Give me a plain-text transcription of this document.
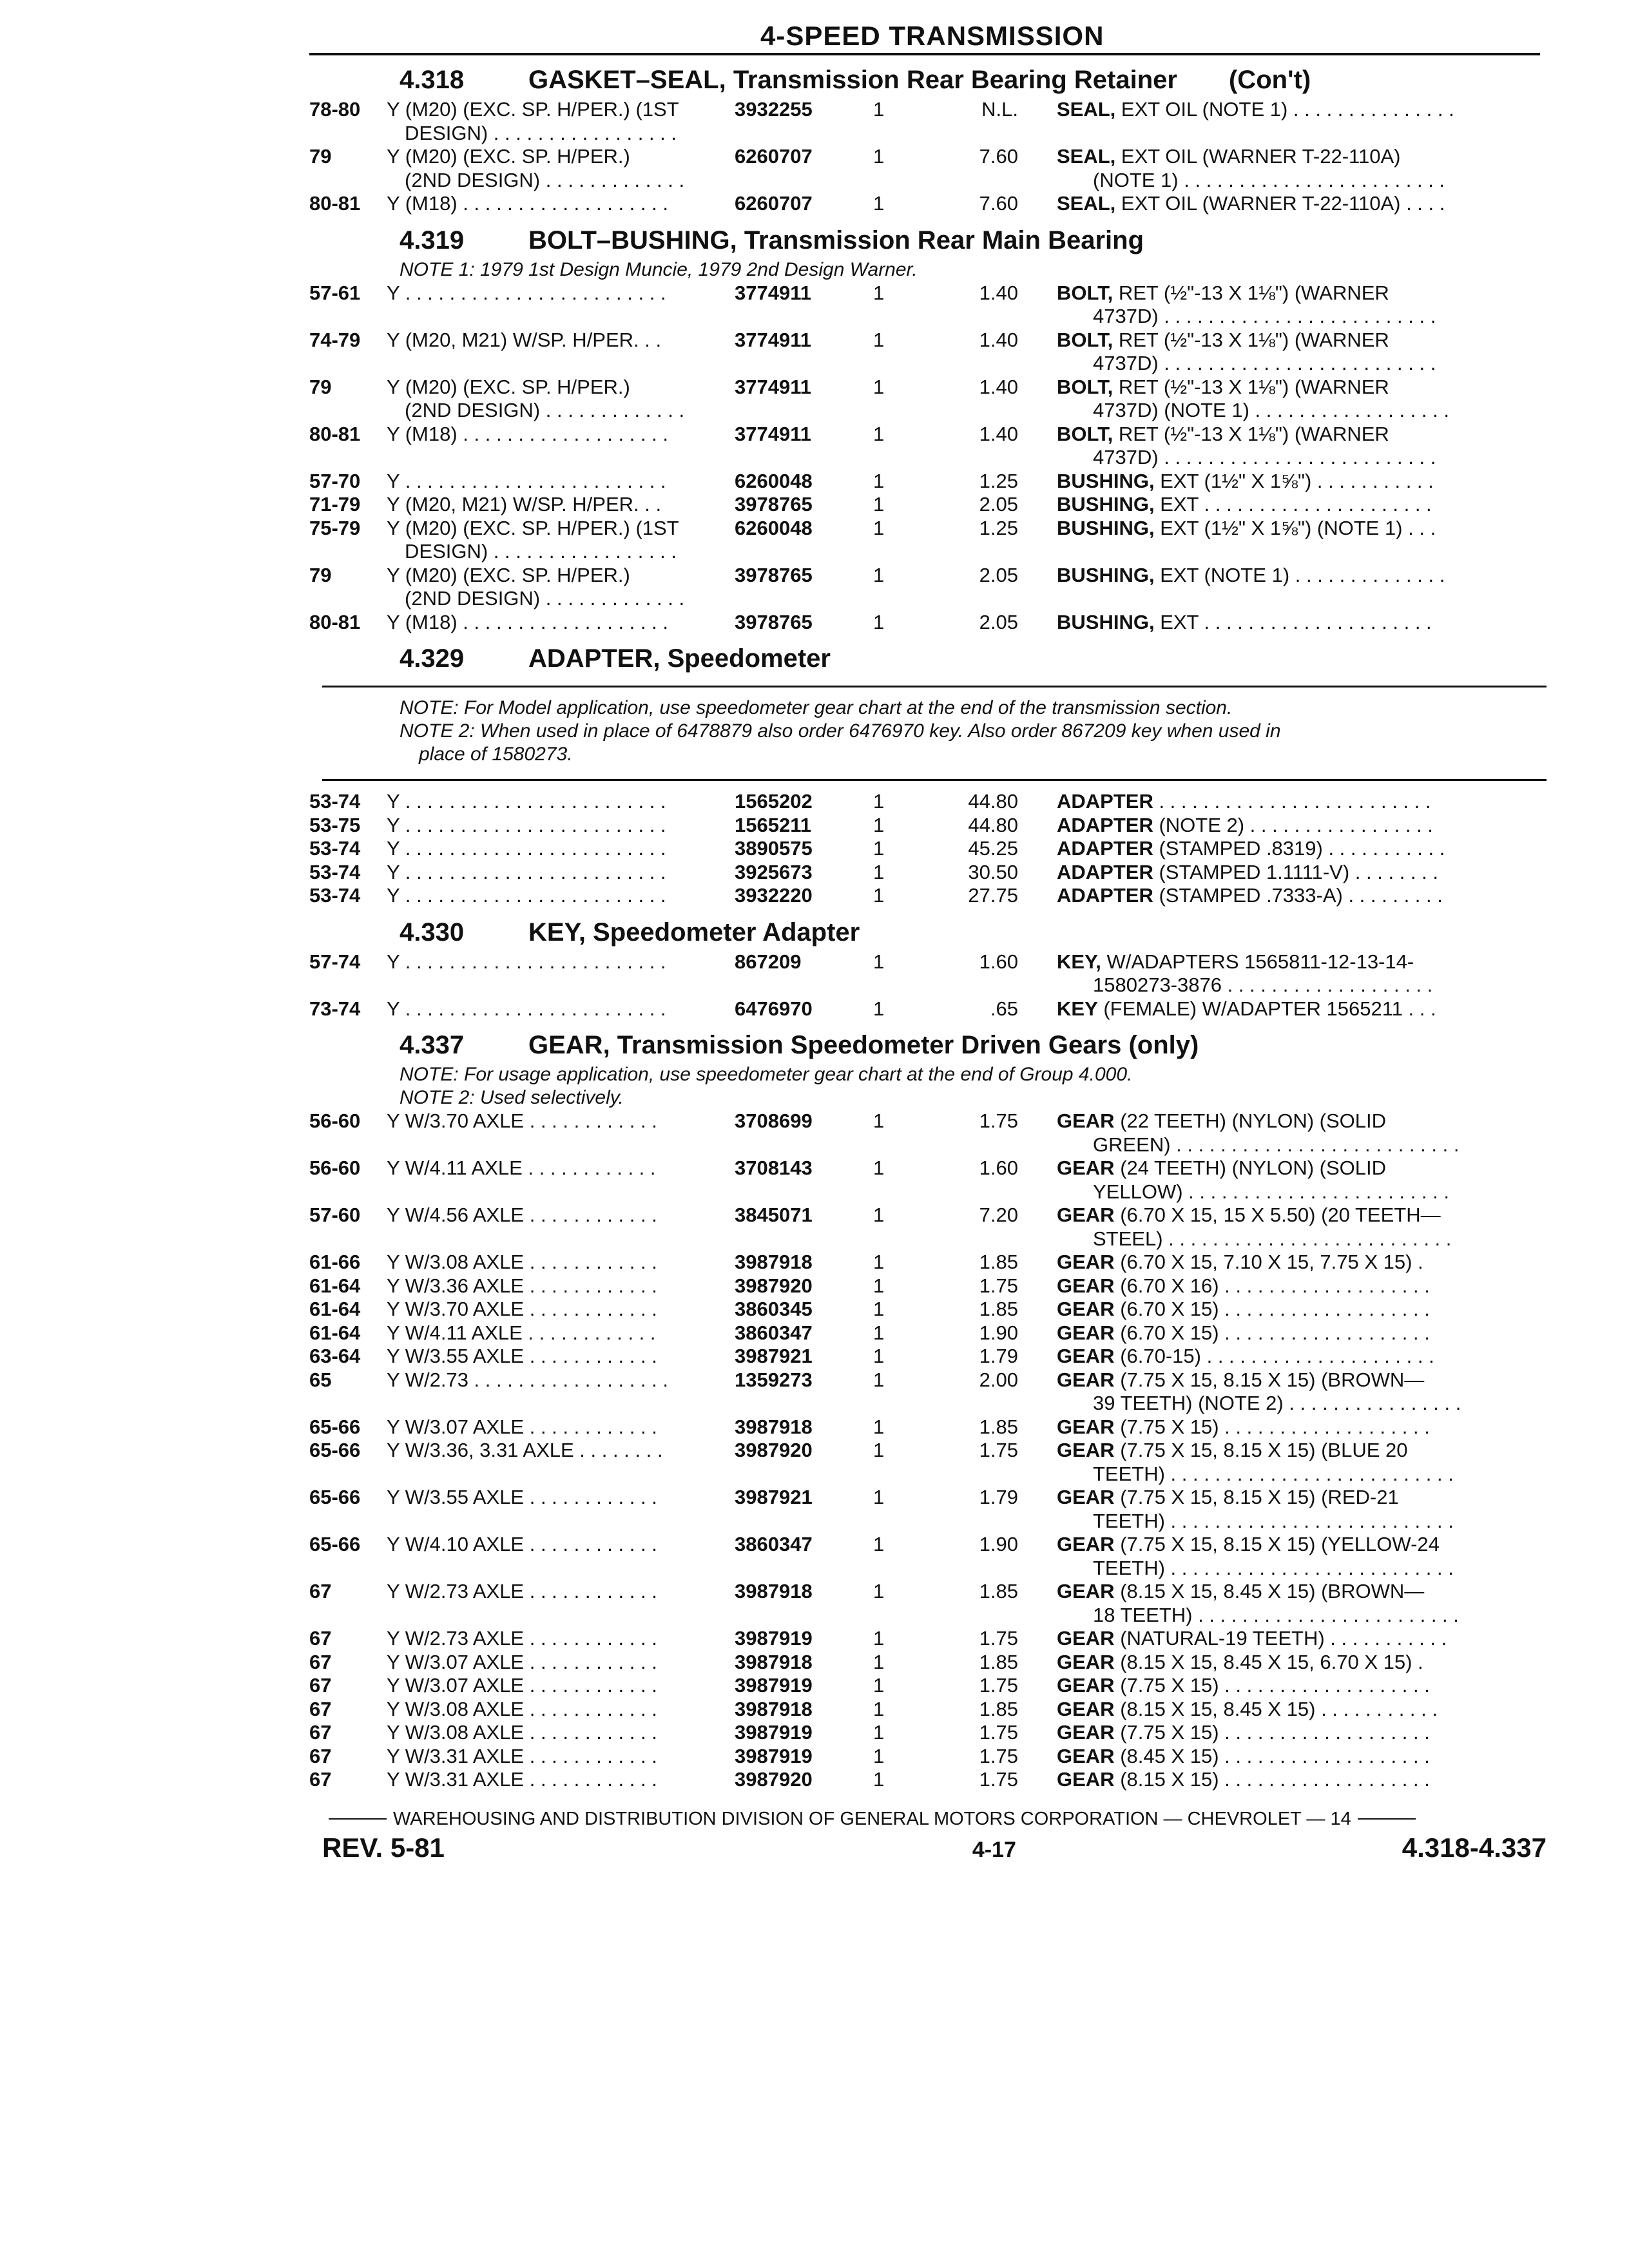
4-SPEED TRANSMISSION
4.318	GASKET–SEAL, Transmission Rear Bearing Retainer (Con't)
78-80	Y (M20) (EXC. SP. H/PER.) (1ST	3932255	1	N.L.	SEAL, EXT OIL (NOTE 1) . . . . . . . . . . . . . . .
DESIGN) . . . . . . . . . . . . . . . . .
79	Y (M20) (EXC. SP. H/PER.)	6260707	1	7.60	SEAL, EXT OIL (WARNER T-22-110A)
(2ND DESIGN) . . . . . . . . . . . . .	(NOTE 1) . . . . . . . . . . . . . . . . . . . . . . . .
80-81	Y (M18) . . . . . . . . . . . . . . . . . . .	6260707	1	7.60	SEAL, EXT OIL (WARNER T-22-110A) . . . .
4.319	BOLT–BUSHING, Transmission Rear Main Bearing
NOTE 1: 1979 1st Design Muncie, 1979 2nd Design Warner.
57-61	Y . . . . . . . . . . . . . . . . . . . . . . . .	3774911	1	1.40	BOLT, RET (½"-13 X 1⅛") (WARNER
4737D) . . . . . . . . . . . . . . . . . . . . . . . . .
74-79	Y (M20, M21) W/SP. H/PER. . .	3774911	1	1.40	BOLT, RET (½"-13 X 1⅛") (WARNER
4737D) . . . . . . . . . . . . . . . . . . . . . . . . .
79	Y (M20) (EXC. SP. H/PER.)	3774911	1	1.40	BOLT, RET (½"-13 X 1⅛") (WARNER
(2ND DESIGN) . . . . . . . . . . . . .	4737D) (NOTE 1) . . . . . . . . . . . . . . . . . .
80-81	Y (M18) . . . . . . . . . . . . . . . . . . .	3774911	1	1.40	BOLT, RET (½"-13 X 1⅛") (WARNER
4737D) . . . . . . . . . . . . . . . . . . . . . . . . .
57-70	Y . . . . . . . . . . . . . . . . . . . . . . . .	6260048	1	1.25	BUSHING, EXT (1½" X 1⅝") . . . . . . . . . . .
71-79	Y (M20, M21) W/SP. H/PER. . .	3978765	1	2.05	BUSHING, EXT . . . . . . . . . . . . . . . . . . . . .
75-79	Y (M20) (EXC. SP. H/PER.) (1ST	6260048	1	1.25	BUSHING, EXT (1½" X 1⅝") (NOTE 1) . . .
DESIGN) . . . . . . . . . . . . . . . . .
79	Y (M20) (EXC. SP. H/PER.)	3978765	1	2.05	BUSHING, EXT (NOTE 1) . . . . . . . . . . . . . .
(2ND DESIGN) . . . . . . . . . . . . .
80-81	Y (M18) . . . . . . . . . . . . . . . . . . .	3978765	1	2.05	BUSHING, EXT . . . . . . . . . . . . . . . . . . . . .
4.329	ADAPTER, Speedometer
NOTE: For Model application, use speedometer gear chart at the end of the transmission section.
NOTE 2: When used in place of 6478879 also order 6476970 key. Also order 867209 key when used in
place of 1580273.
53-74	Y . . . . . . . . . . . . . . . . . . . . . . . .	1565202	1	44.80	ADAPTER . . . . . . . . . . . . . . . . . . . . . . . . .
53-75	Y . . . . . . . . . . . . . . . . . . . . . . . .	1565211	1	44.80	ADAPTER (NOTE 2) . . . . . . . . . . . . . . . . .
53-74	Y . . . . . . . . . . . . . . . . . . . . . . . .	3890575	1	45.25	ADAPTER (STAMPED .8319) . . . . . . . . . . .
53-74	Y . . . . . . . . . . . . . . . . . . . . . . . .	3925673	1	30.50	ADAPTER (STAMPED 1.1111-V) . . . . . . . .
53-74	Y . . . . . . . . . . . . . . . . . . . . . . . .	3932220	1	27.75	ADAPTER (STAMPED .7333-A) . . . . . . . . .
4.330	KEY, Speedometer Adapter
57-74	Y . . . . . . . . . . . . . . . . . . . . . . . .	867209	1	1.60	KEY, W/ADAPTERS 1565811-12-13-14-
1580273-3876 . . . . . . . . . . . . . . . . . . .
73-74	Y . . . . . . . . . . . . . . . . . . . . . . . .	6476970	1	.65	KEY (FEMALE) W/ADAPTER 1565211 . . .
4.337	GEAR, Transmission Speedometer Driven Gears (only)
NOTE: For usage application, use speedometer gear chart at the end of Group 4.000.
NOTE 2: Used selectively.
56-60	Y W/3.70 AXLE . . . . . . . . . . . .	3708699	1	1.75	GEAR (22 TEETH) (NYLON) (SOLID
GREEN) . . . . . . . . . . . . . . . . . . . . . . . . . .
56-60	Y W/4.11 AXLE . . . . . . . . . . . .	3708143	1	1.60	GEAR (24 TEETH) (NYLON) (SOLID
YELLOW) . . . . . . . . . . . . . . . . . . . . . . . .
57-60	Y W/4.56 AXLE . . . . . . . . . . . .	3845071	1	7.20	GEAR (6.70 X 15, 15 X 5.50) (20 TEETH—
STEEL) . . . . . . . . . . . . . . . . . . . . . . . . . .
61-66	Y W/3.08 AXLE . . . . . . . . . . . .	3987918	1	1.85	GEAR (6.70 X 15, 7.10 X 15, 7.75 X 15) .
61-64	Y W/3.36 AXLE . . . . . . . . . . . .	3987920	1	1.75	GEAR (6.70 X 16) . . . . . . . . . . . . . . . . . . .
61-64	Y W/3.70 AXLE . . . . . . . . . . . .	3860345	1	1.85	GEAR (6.70 X 15) . . . . . . . . . . . . . . . . . . .
61-64	Y W/4.11 AXLE . . . . . . . . . . . .	3860347	1	1.90	GEAR (6.70 X 15) . . . . . . . . . . . . . . . . . . .
63-64	Y W/3.55 AXLE . . . . . . . . . . . .	3987921	1	1.79	GEAR (6.70-15) . . . . . . . . . . . . . . . . . . . . .
65	Y W/2.73 . . . . . . . . . . . . . . . . . .	1359273	1	2.00	GEAR (7.75 X 15, 8.15 X 15) (BROWN—
39 TEETH) (NOTE 2) . . . . . . . . . . . . . . . .
65-66	Y W/3.07 AXLE . . . . . . . . . . . .	3987918	1	1.85	GEAR (7.75 X 15) . . . . . . . . . . . . . . . . . . .
65-66	Y W/3.36, 3.31 AXLE . . . . . . . .	3987920	1	1.75	GEAR (7.75 X 15, 8.15 X 15) (BLUE 20
TEETH) . . . . . . . . . . . . . . . . . . . . . . . . . .
65-66	Y W/3.55 AXLE . . . . . . . . . . . .	3987921	1	1.79	GEAR (7.75 X 15, 8.15 X 15) (RED-21
TEETH) . . . . . . . . . . . . . . . . . . . . . . . . . .
65-66	Y W/4.10 AXLE . . . . . . . . . . . .	3860347	1	1.90	GEAR (7.75 X 15, 8.15 X 15) (YELLOW-24
TEETH) . . . . . . . . . . . . . . . . . . . . . . . . . .
67	Y W/2.73 AXLE . . . . . . . . . . . .	3987918	1	1.85	GEAR (8.15 X 15, 8.45 X 15) (BROWN—
18 TEETH) . . . . . . . . . . . . . . . . . . . . . . . .
67	Y W/2.73 AXLE . . . . . . . . . . . .	3987919	1	1.75	GEAR (NATURAL-19 TEETH) . . . . . . . . . . .
67	Y W/3.07 AXLE . . . . . . . . . . . .	3987918	1	1.85	GEAR (8.15 X 15, 8.45 X 15, 6.70 X 15) .
67	Y W/3.07 AXLE . . . . . . . . . . . .	3987919	1	1.75	GEAR (7.75 X 15) . . . . . . . . . . . . . . . . . . .
67	Y W/3.08 AXLE . . . . . . . . . . . .	3987918	1	1.85	GEAR (8.15 X 15, 8.45 X 15) . . . . . . . . . . .
67	Y W/3.08 AXLE . . . . . . . . . . . .	3987919	1	1.75	GEAR (7.75 X 15) . . . . . . . . . . . . . . . . . . .
67	Y W/3.31 AXLE . . . . . . . . . . . .	3987919	1	1.75	GEAR (8.45 X 15) . . . . . . . . . . . . . . . . . . .
67	Y W/3.31 AXLE . . . . . . . . . . . .	3987920	1	1.75	GEAR (8.15 X 15) . . . . . . . . . . . . . . . . . . .
WAREHOUSING AND DISTRIBUTION DIVISION OF GENERAL MOTORS CORPORATION — CHEVROLET — 14
REV. 5-81	4-17	4.318-4.337
